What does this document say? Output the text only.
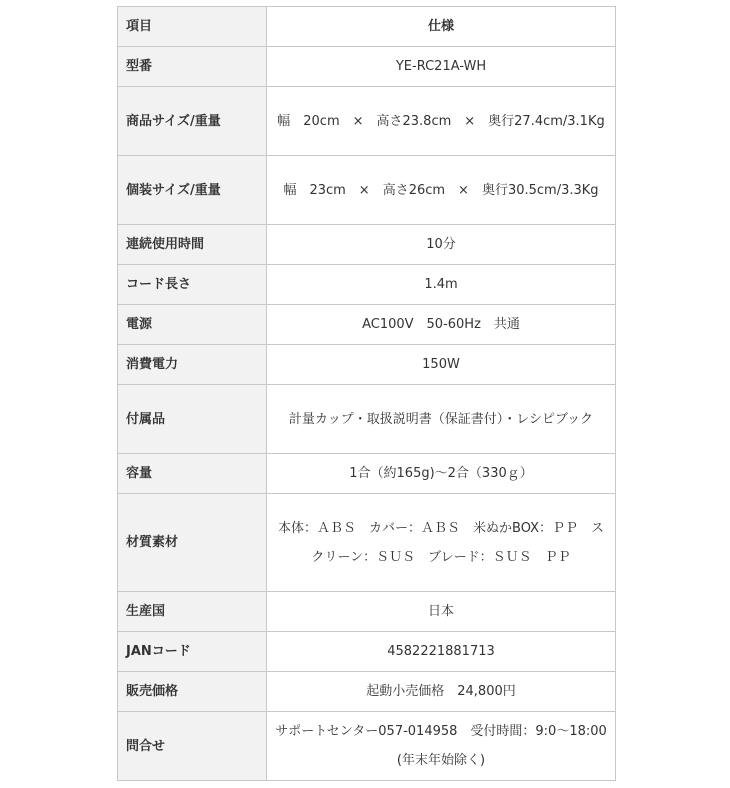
項目	仕様
型番	YE-RC21A-WH
商品サイズ/重量	幅　20cm　×　高さ23.8cm　×　奥行27.4cm/3.1Kg
個装サイズ/重量	幅　23cm　×　高さ26cm　×　奥行30.5cm/3.3Kg
連続使用時間	10分
コード長さ	1.4m
電源	AC100V　50-60Hz　共通
消費電力	150W
付属品	計量カップ・取扱説明書（保証書付）・レシピブック
容量	1合（約165g)〜2合（330ｇ）
材質素材	本体：ＡＢＳ　カバー：ＡＢＳ　米ぬかBOX：ＰＰ　スクリーン：ＳＵＳ　ブレード：ＳＵＳ　ＰＰ
生産国	日本
JANコード	4582221881713
販売価格	起動小売価格　24,800円
問合せ	サポートセンター057-014958　受付時間：9:0〜18:00(年末年始除く)
